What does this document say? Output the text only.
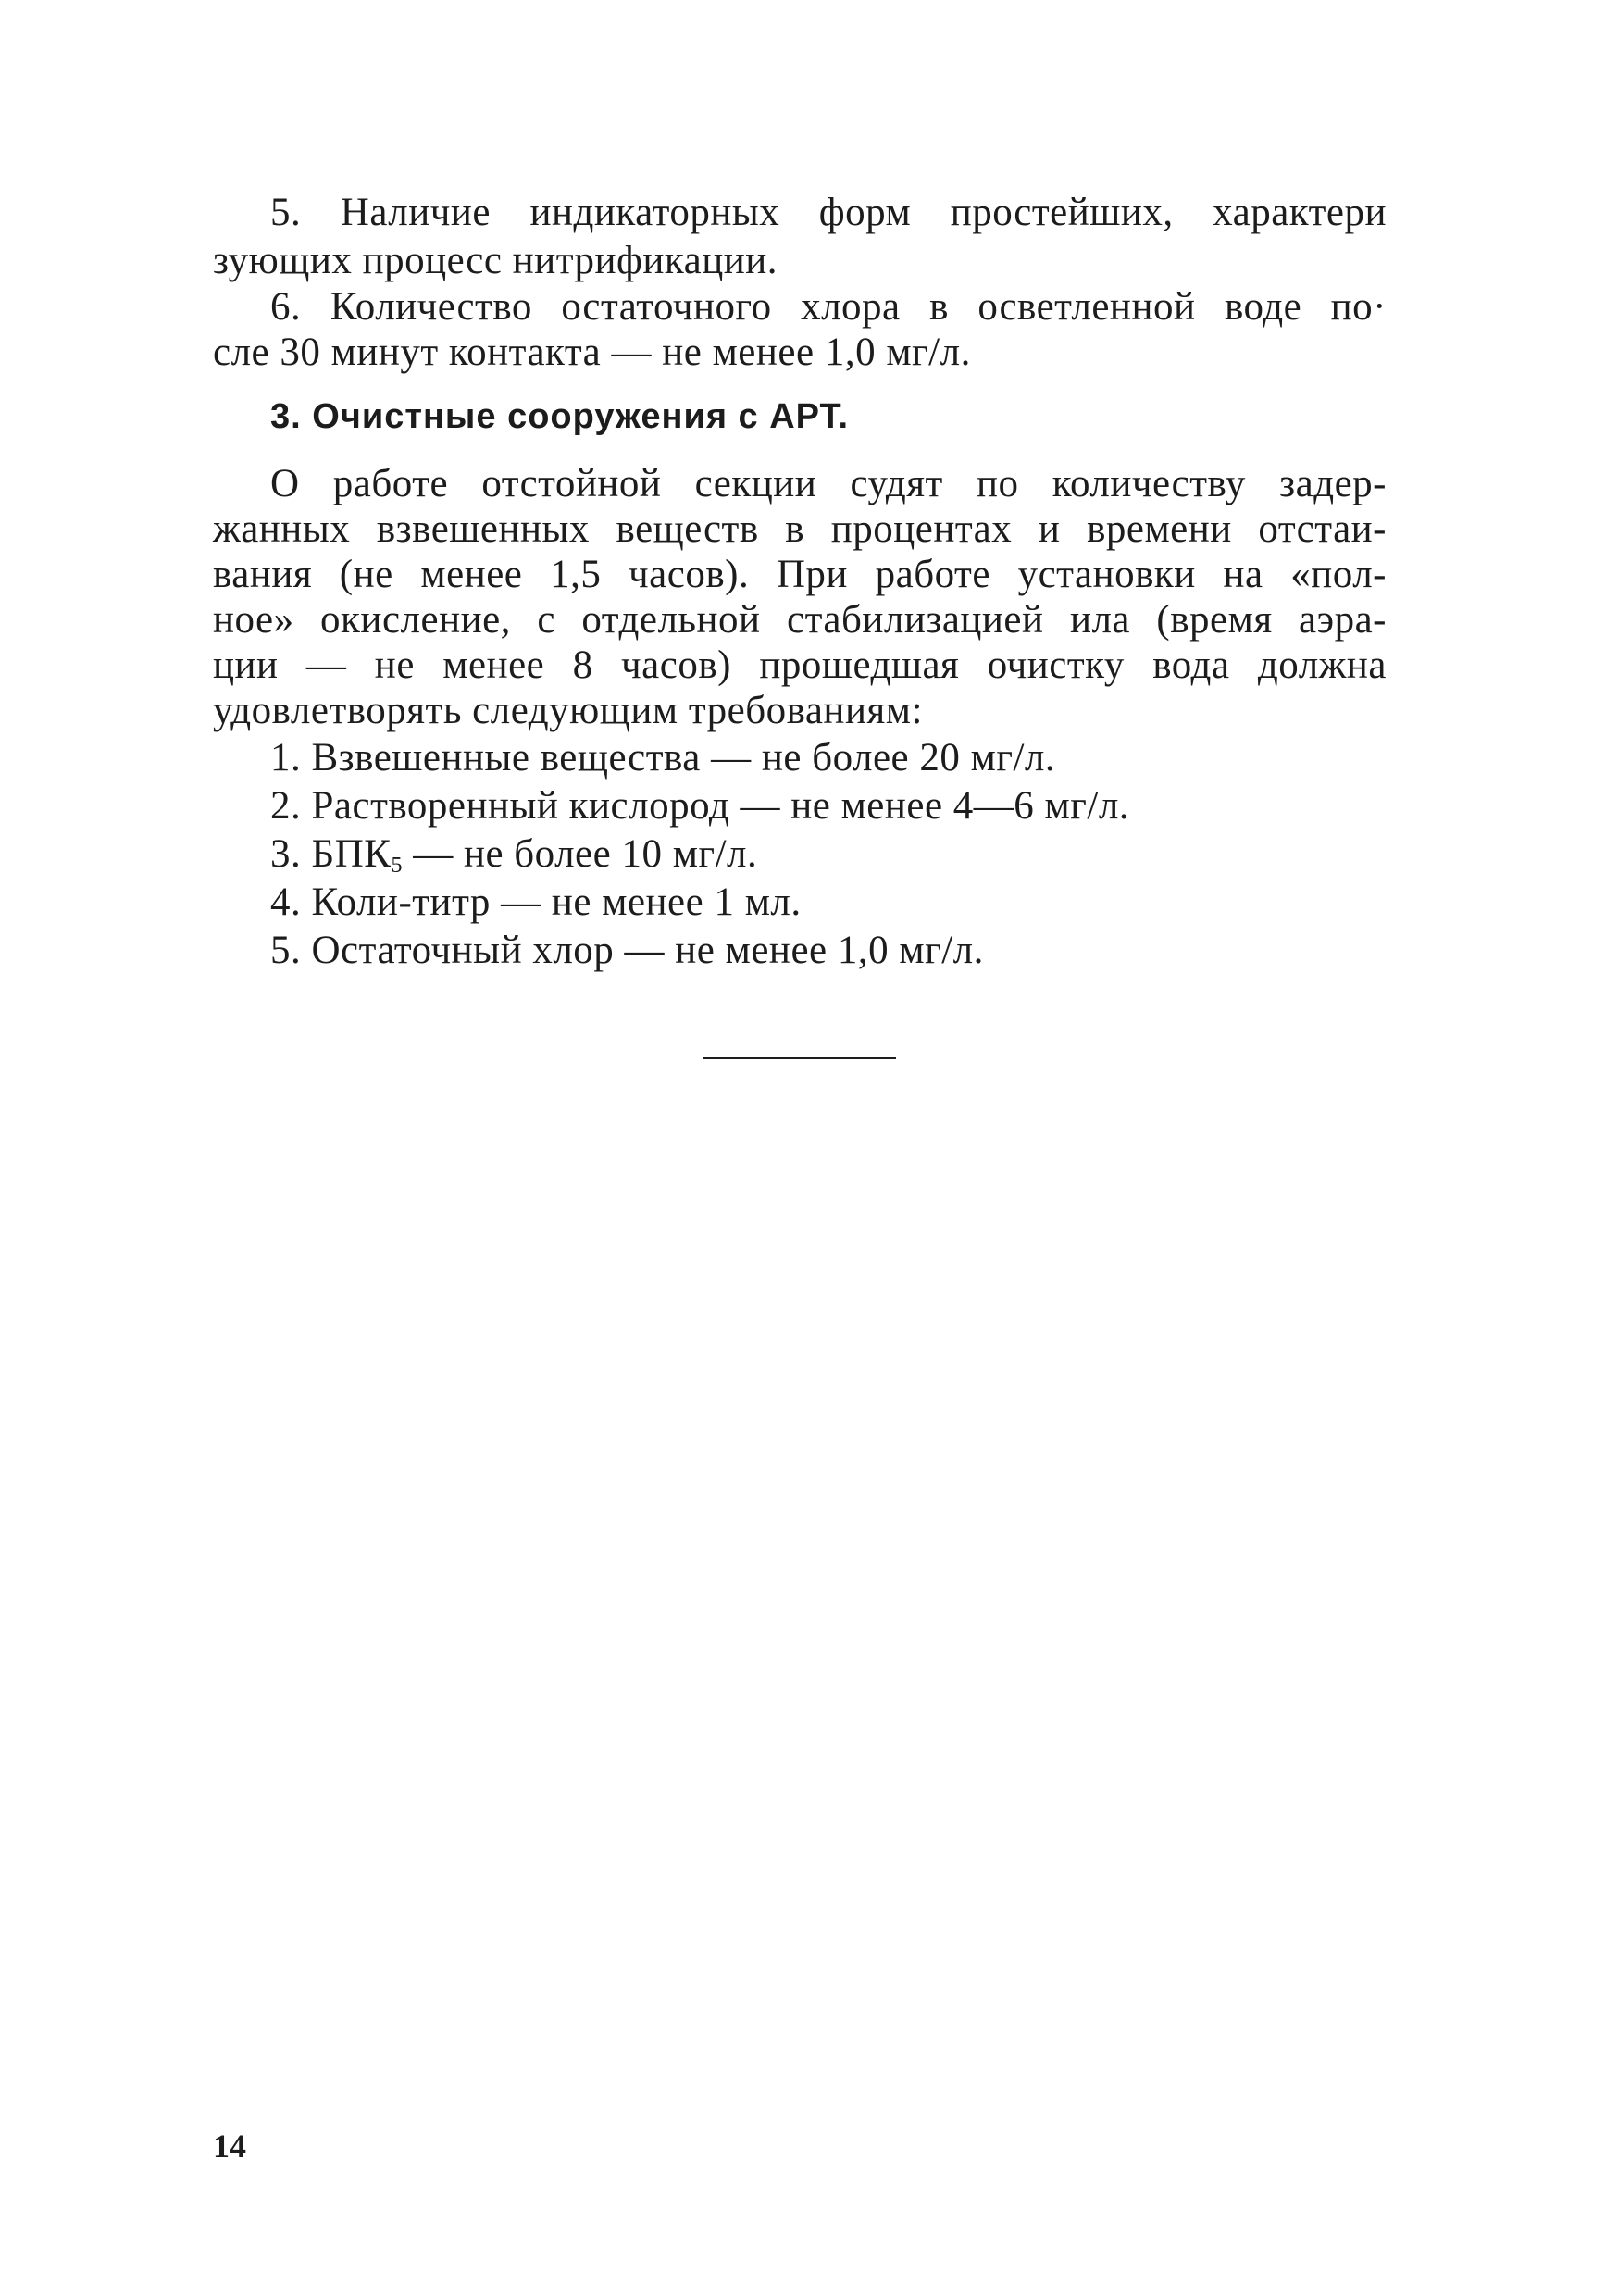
5. Наличие индикаторных форм простейших, характери
зующих процесс нитрификации.
6. Количество остаточного хлора в осветленной воде по·
сле 30 минут контакта — не менее 1,0 мг/л.
3. Очистные сооружения с АРТ.
О работе отстойной секции судят по количеству задер-
жанных взвешенных веществ в процентах и времени отстаи-
вания (не менее 1,5 часов). При работе установки на «пол-
ное» окисление, с отдельной стабилизацией ила (время аэра-
ции — не менее 8 часов) прошедшая очистку вода должна
удовлетворять следующим требованиям:
1. Взвешенные вещества — не более 20 мг/л.
2. Растворенный кислород — не менее 4—6 мг/л.
3. $БПК_5$ — не более 10 мг/л.
4. Коли-титр — не менее 1 мл.
5. Остаточный хлор — не менее 1,0 мг/л.
14
